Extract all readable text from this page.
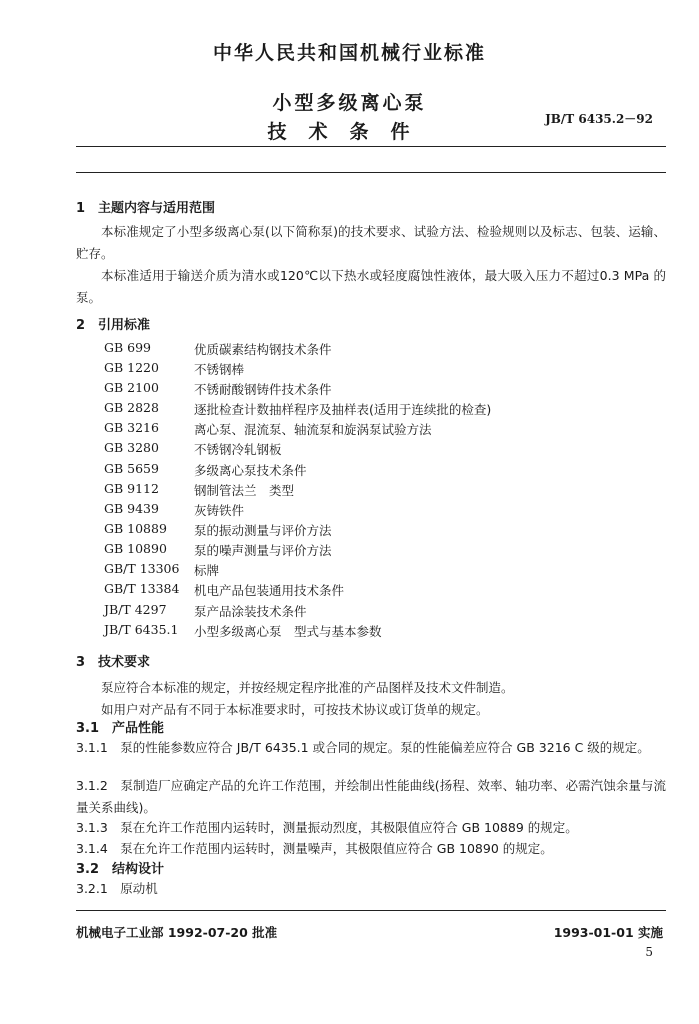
中华人民共和国机械行业标准
小型多级离心泵
技术条件
JB/T 6435.2－92
1　主题内容与适用范围
本标准规定了小型多级离心泵(以下简称泵)的技术要求、试验方法、检验规则以及标志、包装、运输、贮存。
本标准适用于输送介质为清水或120℃以下热水或轻度腐蚀性液体，最大吸入压力不超过0.3 MPa 的泵。
2　引用标准
GB 699	优质碳素结构钢技术条件
GB 1220	不锈钢棒
GB 2100	不锈耐酸钢铸件技术条件
GB 2828	逐批检查计数抽样程序及抽样表(适用于连续批的检查)
GB 3216	离心泵、混流泵、轴流泵和旋涡泵试验方法
GB 3280	不锈钢冷轧钢板
GB 5659	多级离心泵技术条件
GB 9112	钢制管法兰　类型
GB 9439	灰铸铁件
GB 10889 泵的振动测量与评价方法
GB 10890 泵的噪声测量与评价方法
GB/T 13306 标牌
GB/T 13384 机电产品包装通用技术条件
JB/T 4297 泵产品涂装技术条件
JB/T 6435.1 小型多级离心泵　型式与基本参数
3　技术要求
泵应符合本标准的规定，并按经规定程序批准的产品图样及技术文件制造。
如用户对产品有不同于本标准要求时，可按技术协议或订货单的规定。
3.1　产品性能
3.1.1　泵的性能参数应符合 JB/T 6435.1 或合同的规定。泵的性能偏差应符合 GB 3216 C 级的规定。
3.1.2　泵制造厂应确定产品的允许工作范围，并绘制出性能曲线(扬程、效率、轴功率、必需汽蚀余量与流量关系曲线)。
3.1.3　泵在允许工作范围内运转时，测量振动烈度，其极限值应符合 GB 10889 的规定。
3.1.4　泵在允许工作范围内运转时，测量噪声，其极限值应符合 GB 10890 的规定。
3.2　结构设计
3.2.1　原动机
机械电子工业部 1992-07-20 批准	1993-01-01 实施
5
